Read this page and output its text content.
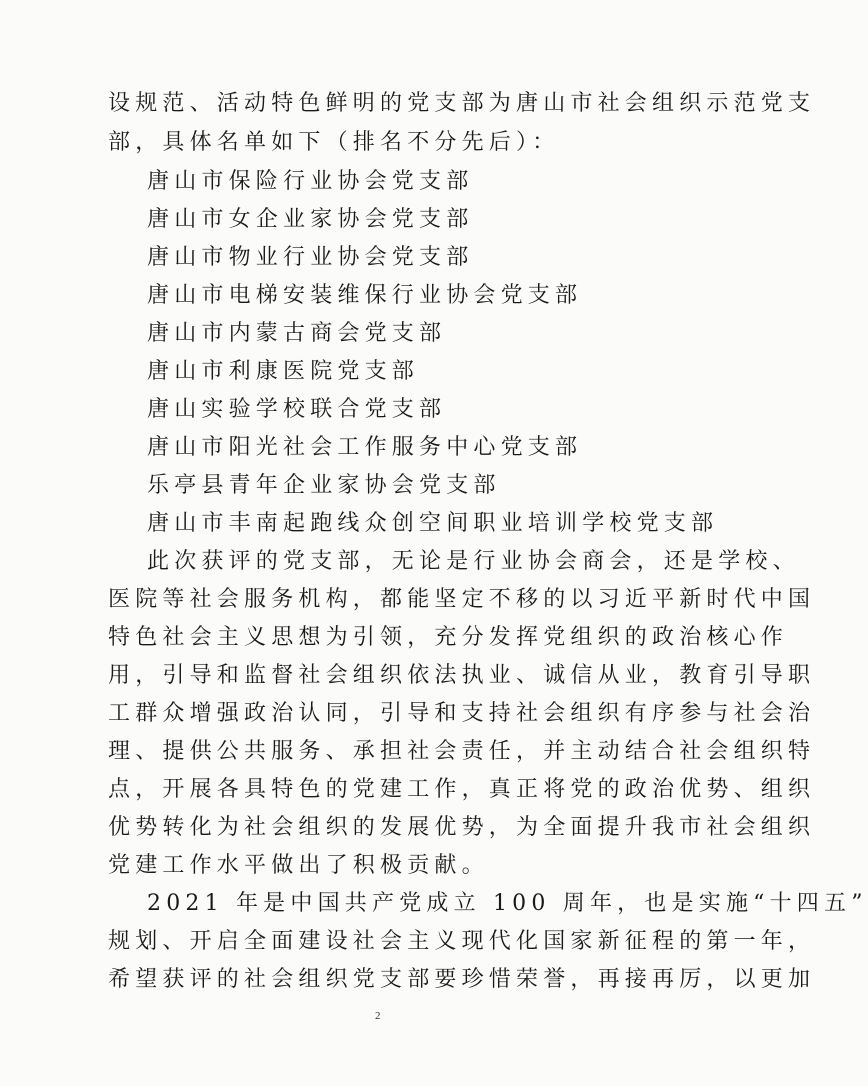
设规范、活动特色鲜明的党支部为唐山市社会组织示范党支
部，具体名单如下（排名不分先后）：
唐山市保险行业协会党支部
唐山市女企业家协会党支部
唐山市物业行业协会党支部
唐山市电梯安装维保行业协会党支部
唐山市内蒙古商会党支部
唐山市利康医院党支部
唐山实验学校联合党支部
唐山市阳光社会工作服务中心党支部
乐亭县青年企业家协会党支部
唐山市丰南起跑线众创空间职业培训学校党支部
此次获评的党支部，无论是行业协会商会，还是学校、
医院等社会服务机构，都能坚定不移的以习近平新时代中国
特色社会主义思想为引领，充分发挥党组织的政治核心作
用，引导和监督社会组织依法执业、诚信从业，教育引导职
工群众增强政治认同，引导和支持社会组织有序参与社会治
理、提供公共服务、承担社会责任，并主动结合社会组织特
点，开展各具特色的党建工作，真正将党的政治优势、组织
优势转化为社会组织的发展优势，为全面提升我市社会组织
党建工作水平做出了积极贡献。
2021 年是中国共产党成立 100 周年，也是实施“十四五”
规划、开启全面建设社会主义现代化国家新征程的第一年，
希望获评的社会组织党支部要珍惜荣誉，再接再厉，以更加
2
